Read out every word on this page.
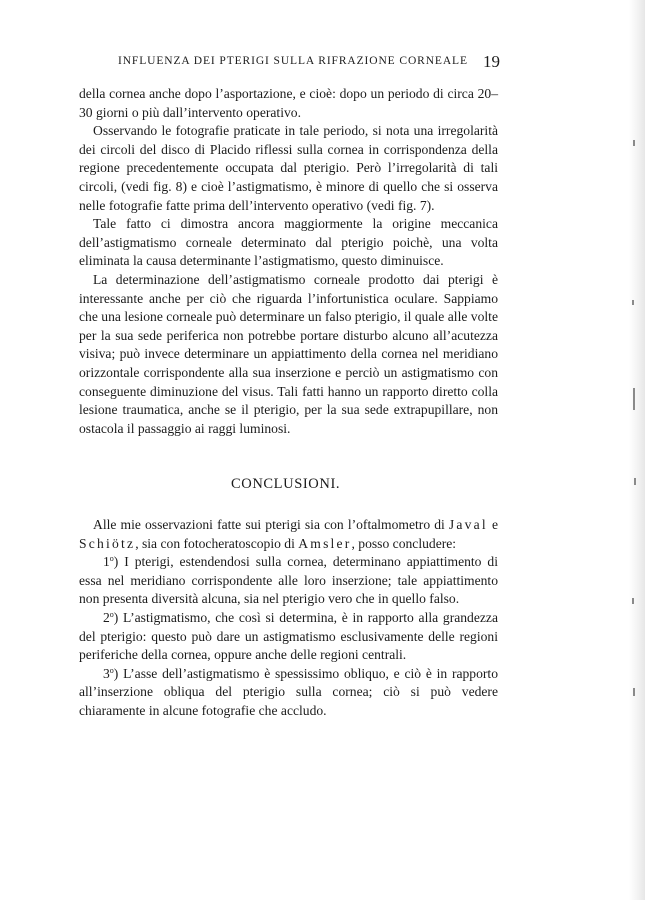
INFLUENZA DEI PTERIGI SULLA RIFRAZIONE CORNEALE 19

della cornea anche dopo l’asportazione, e cioè: dopo un periodo di circa 20–30 giorni o più dall’intervento operativo.

Osservando le fotografie praticate in tale periodo, si nota una irregolarità dei circoli del disco di Placido riflessi sulla cornea in corrispondenza della regione precedentemente occupata dal pterigio. Però l’irregolarità di tali circoli, (vedi fig. 8) e cioè l’astigmatismo, è minore di quello che si osserva nelle fotografie fatte prima dell’intervento operativo (vedi fig. 7).

Tale fatto ci dimostra ancora maggiormente la origine meccanica dell’astigmatismo corneale determinato dal pterigio poichè, una volta eliminata la causa determinante l’astigmatismo, questo diminuisce.

La determinazione dell’astigmatismo corneale prodotto dai pterigi è interessante anche per ciò che riguarda l’infortunistica oculare. Sappiamo che una lesione corneale può determinare un falso pterigio, il quale alle volte per la sua sede periferica non potrebbe portare disturbo alcuno all’acutezza visiva; può invece determinare un appiattimento della cornea nel meridiano orizzontale corrispondente alla sua inserzione e perciò un astigmatismo con conseguente diminuzione del visus. Tali fatti hanno un rapporto diretto colla lesione traumatica, anche se il pterigio, per la sua sede extrapupillare, non ostacola il passaggio ai raggi luminosi.

CONCLUSIONI.

Alle mie osservazioni fatte sui pterigi sia con l’oftalmometro di Javal e Schiötz, sia con fotocheratoscopio di Amsler, posso concludere:

1$^o$) I pterigi, estendendosi sulla cornea, determinano appiattimento di essa nel meridiano corrispondente alle loro inserzione; tale appiattimento non presenta diversità alcuna, sia nel pterigio vero che in quello falso.

2$^o$) L’astigmatismo, che così si determina, è in rapporto alla grandezza del pterigio: questo può dare un astigmatismo esclusivamente delle regioni periferiche della cornea, oppure anche delle regioni centrali.

3$^o$) L’asse dell’astigmatismo è spessissimo obliquo, e ciò è in rapporto all’inserzione obliqua del pterigio sulla cornea; ciò si può vedere chiaramente in alcune fotografie che accludo.
